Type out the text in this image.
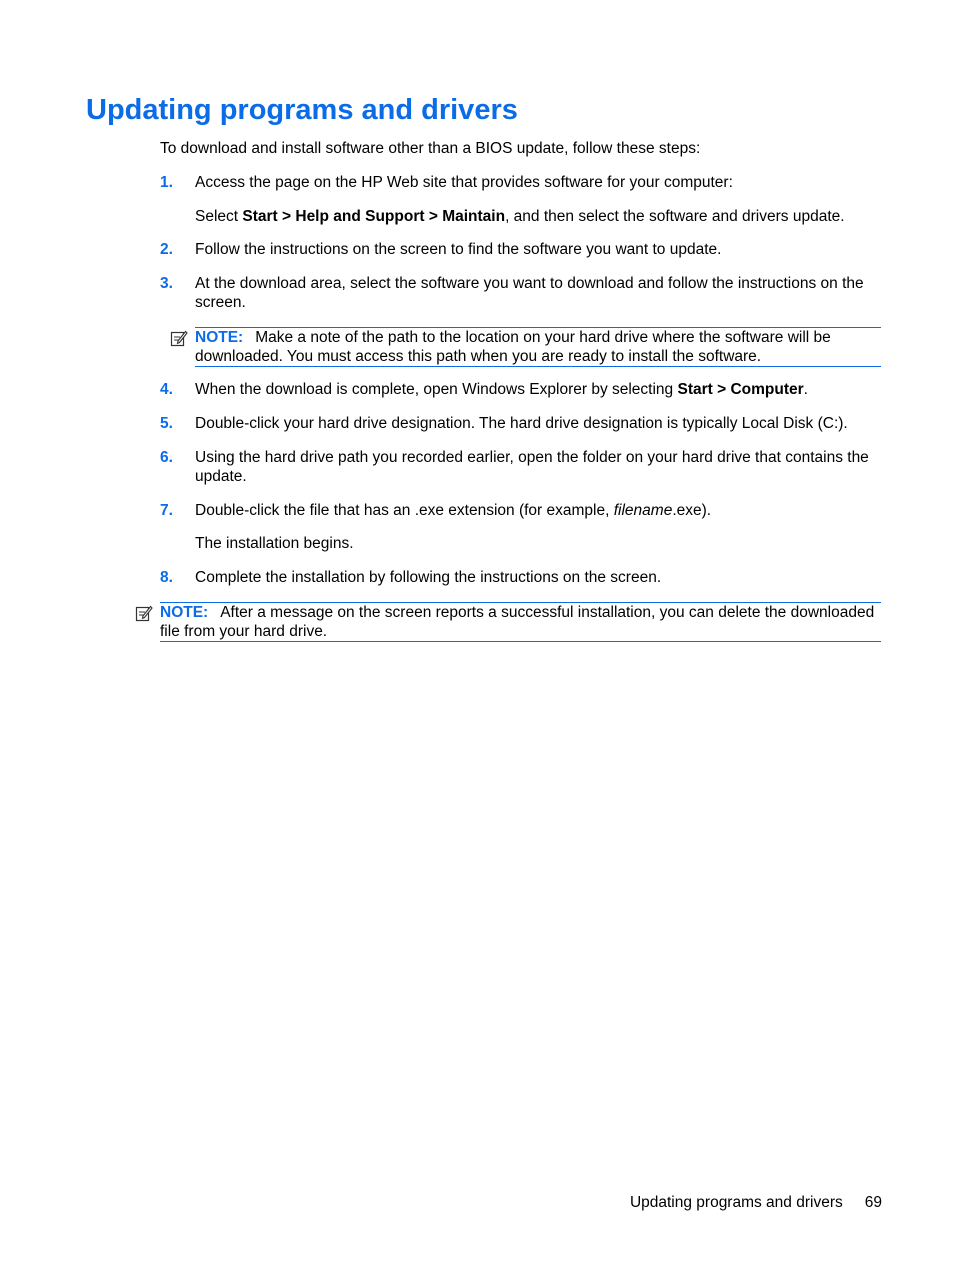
Updating programs and drivers

To download and install software other than a BIOS update, follow these steps:

1. Access the page on the HP Web site that provides software for your computer:
Select Start > Help and Support > Maintain, and then select the software and drivers update.
2. Follow the instructions on the screen to find the software you want to update.
3. At the download area, select the software you want to download and follow the instructions on the screen.
NOTE: Make a note of the path to the location on your hard drive where the software will be downloaded. You must access this path when you are ready to install the software.
4. When the download is complete, open Windows Explorer by selecting Start > Computer.
5. Double-click your hard drive designation. The hard drive designation is typically Local Disk (C:).
6. Using the hard drive path you recorded earlier, open the folder on your hard drive that contains the update.
7. Double-click the file that has an .exe extension (for example, filename.exe).
The installation begins.
8. Complete the installation by following the instructions on the screen.
NOTE: After a message on the screen reports a successful installation, you can delete the downloaded file from your hard drive.
Updating programs and drivers 69
